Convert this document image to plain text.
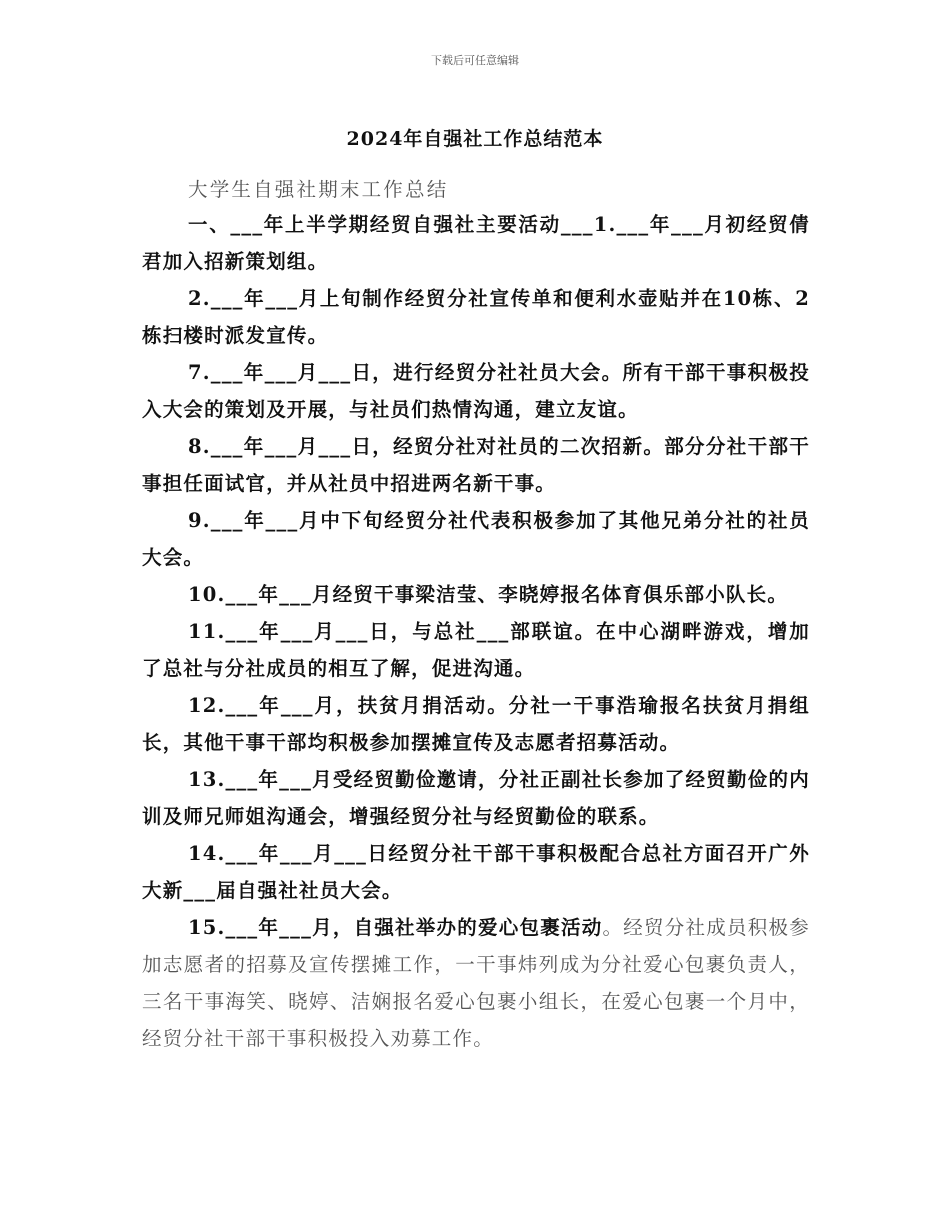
下载后可任意编辑
2024年自强社工作总结范本
大学生自强社期末工作总结

一、___年上半学期经贸自强社主要活动___1.___年___月初经贸倩君加入招新策划组。

2.___年___月上旬制作经贸分社宣传单和便利水壶贴并在10栋、2栋扫楼时派发宣传。

7.___年___月___日，进行经贸分社社员大会。所有干部干事积极投入大会的策划及开展，与社员们热情沟通，建立友谊。

8.___年___月___日，经贸分社对社员的二次招新。部分分社干部干事担任面试官，并从社员中招进两名新干事。

9.___年___月中下旬经贸分社代表积极参加了其他兄弟分社的社员大会。

10.___年___月经贸干事梁洁莹、李晓婷报名体育俱乐部小队长。

11.___年___月___日，与总社___部联谊。在中心湖畔游戏，增加了总社与分社成员的相互了解，促进沟通。

12.___年___月，扶贫月捐活动。分社一干事浩瑜报名扶贫月捐组长，其他干事干部均积极参加摆摊宣传及志愿者招募活动。

13.___年___月受经贸勤俭邀请，分社正副社长参加了经贸勤俭的内训及师兄师姐沟通会，增强经贸分社与经贸勤俭的联系。

14.___年___月___日经贸分社干部干事积极配合总社方面召开广外大新___届自强社社员大会。

15.___年___月，自强社举办的爱心包裹活动。经贸分社成员积极参加志愿者的招募及宣传摆摊工作，一干事炜列成为分社爱心包裹负责人，三名干事海笑、晓婷、洁娴报名爱心包裹小组长，在爱心包裹一个月中，经贸分社干部干事积极投入劝募工作。
